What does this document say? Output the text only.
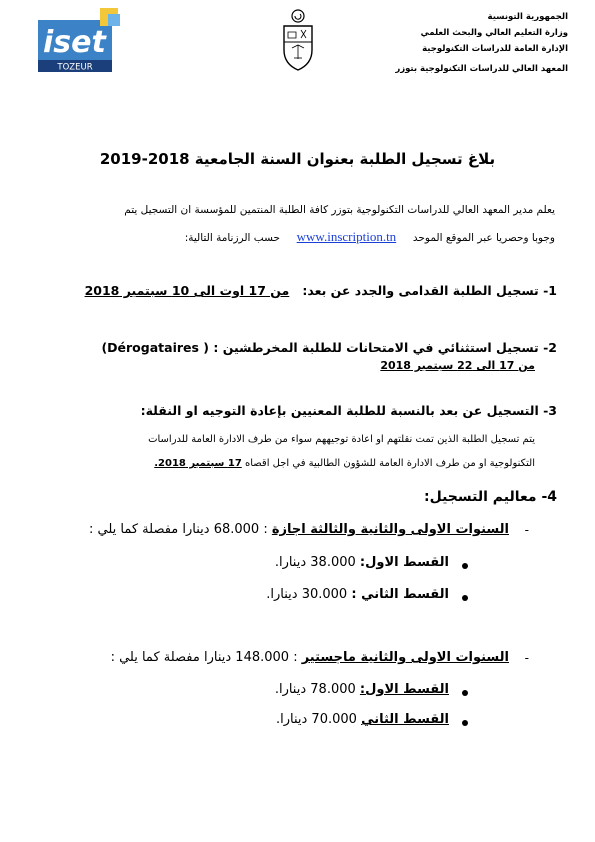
iset
TOZEUR
الجمهورية التونسية
وزارة التعليم العالي والبحث العلمي
الإدارة العامة للدراسات التكنولوجية
المعهد العالي للدراسات التكنولوجية بتوزر
بلاغ تسجيل الطلبة بعنوان السنة الجامعية 2018-2019
يعلم مدير المعهد العالي للدراسات التكنولوجية بتوزر كافة الطلبة المنتمين للمؤسسة ان التسجيل يتم
وجوبا وحصريا عبر الموقع الموحد     www.inscription.tn     حسب الرزنامة التالية:
-1 تسجيل الطلبة القدامى والجدد عن بعد:   من 17 اوت الى 10 سبتمبر 2018
-2 تسجيل استثنائي في الامتحانات للطلبة المخرطشين (Dérogataires ) :
من 17 الى 22 سبتمبر 2018
-3 التسجيل عن بعد بالنسبة للطلبة المعنيين بإعادة التوجيه او النقلة:
يتم تسجيل الطلبة الذين تمت نقلتهم او اعادة توجيههم سواء من طرف الادارة العامة للدراسات
التكنولوجية او من طرف الادارة العامة للشؤون الطالبية في اجل اقصاه 17 سبتمبر 2018.
-4 معاليم التسجيل:
السنوات الاولى والثانية والثالثة اجازة : 68.000 دينارا مفصلة كما يلي :	-
القسط الاول: 38.000 دينارا.
القسط الثاني : 30.000 دينارا.
السنوات الاولى والثانية ماجستير : 148.000 دينارا مفصلة كما يلي :	-
القسط الاول: 78.000 دينارا.
القسط الثاني 70.000 دينارا.
